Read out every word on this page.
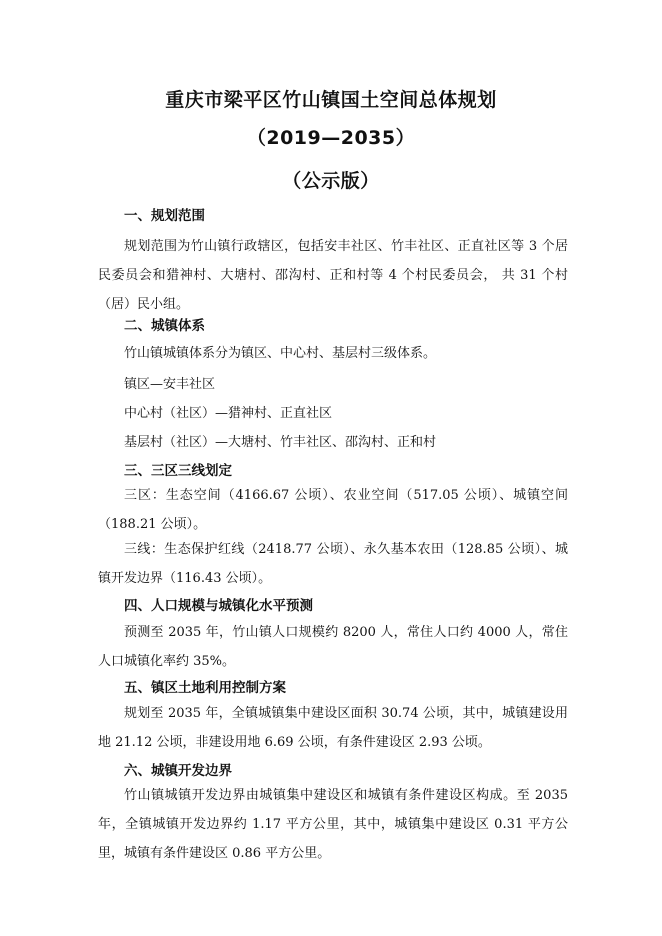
重庆市梁平区竹山镇国土空间总体规划
（2019—2035）
（公示版）
一、规划范围
规划范围为竹山镇行政辖区，包括安丰社区、竹丰社区、正直社区等 3 个居民委员会和猎神村、大塘村、邵沟村、正和村等 4 个村民委员会， 共 31 个村（居）民小组。
二、城镇体系
竹山镇城镇体系分为镇区、中心村、基层村三级体系。
镇区—安丰社区
中心村（社区）—猎神村、正直社区
基层村（社区）—大塘村、竹丰社区、邵沟村、正和村
三、三区三线划定
三区：生态空间（4166.67 公顷）、农业空间（517.05 公顷）、城镇空间（188.21 公顷）。
三线：生态保护红线（2418.77 公顷）、永久基本农田（128.85 公顷）、城镇开发边界（116.43 公顷）。
四、人口规模与城镇化水平预测
预测至 2035 年，竹山镇人口规模约 8200 人，常住人口约 4000 人，常住人口城镇化率约 35%。
五、镇区土地利用控制方案
规划至 2035 年，全镇城镇集中建设区面积 30.74 公顷，其中，城镇建设用地 21.12 公顷，非建设用地 6.69 公顷，有条件建设区 2.93 公顷。
六、城镇开发边界
竹山镇城镇开发边界由城镇集中建设区和城镇有条件建设区构成。至 2035 年，全镇城镇开发边界约 1.17 平方公里，其中，城镇集中建设区 0.31 平方公里，城镇有条件建设区 0.86 平方公里。
